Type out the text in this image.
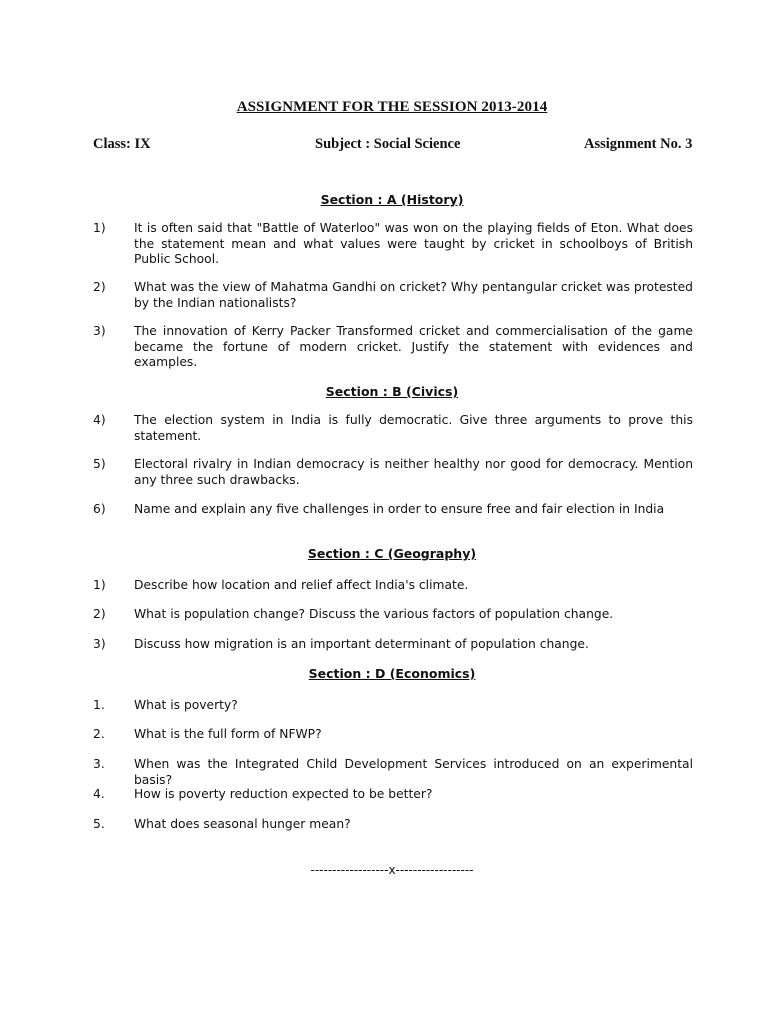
ASSIGNMENT FOR THE SESSION 2013-2014
Class: IX	Subject : Social Science	Assignment No. 3
Section : A (History)
1) It is often said that "Battle of Waterloo" was won on the playing fields of Eton. What does the statement mean and what values were taught by cricket in schoolboys of British Public School.
2) What was the view of Mahatma Gandhi on cricket? Why pentangular cricket was protested by the Indian nationalists?
3) The innovation of Kerry Packer Transformed cricket and commercialisation of the game became the fortune of modern cricket. Justify the statement with evidences and examples.
Section : B (Civics)
4) The election system in India is fully democratic. Give three arguments to prove this statement.
5) Electoral rivalry in Indian democracy is neither healthy nor good for democracy. Mention any three such drawbacks.
6) Name and explain any five challenges in order to ensure free and fair election in India
Section : C (Geography)
1) Describe how location and relief affect India's climate.
2) What is population change? Discuss the various factors of population change.
3) Discuss how migration is an important determinant of population change.
Section : D (Economics)
1. What is poverty?
2. What is the full form of NFWP?
3. When was the Integrated Child Development Services introduced on an experimental basis?
4. How is poverty reduction expected to be better?
5. What does seasonal hunger mean?
------------------x------------------
